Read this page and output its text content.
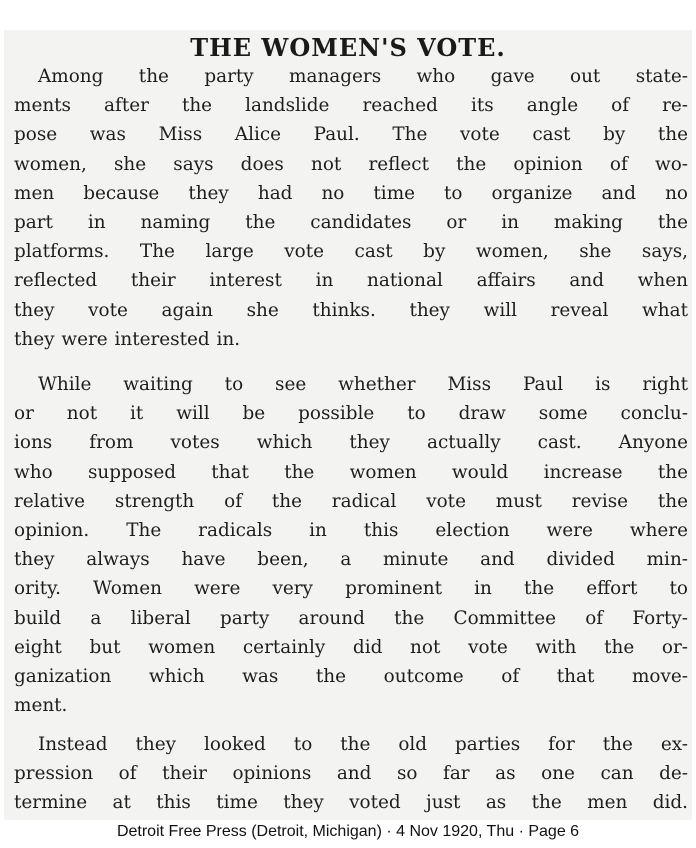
THE WOMEN'S VOTE.
Among the party managers who gave out state-
ments after the landslide reached its angle of re-
pose was Miss Alice Paul. The vote cast by the
women, she says does not reflect the opinion of wo-
men because they had no time to organize and no
part in naming the candidates or in making the
platforms. The large vote cast by women, she says,
reflected their interest in national affairs and when
they vote again she thinks. they will reveal what
they were interested in.
While waiting to see whether Miss Paul is right
or not it will be possible to draw some conclu-
ions from votes which they actually cast. Anyone
who supposed that the women would increase the
relative strength of the radical vote must revise the
opinion. The radicals in this election were where
they always have been, a minute and divided min-
ority. Women were very prominent in the effort to
build a liberal party around the Committee of Forty-
eight but women certainly did not vote with the or-
ganization which was the outcome of that move-
ment.
Instead they looked to the old parties for the ex-
pression of their opinions and so far as one can de-
termine at this time they voted just as the men did.
Detroit Free Press (Detroit, Michigan) · 4 Nov 1920, Thu · Page 6
